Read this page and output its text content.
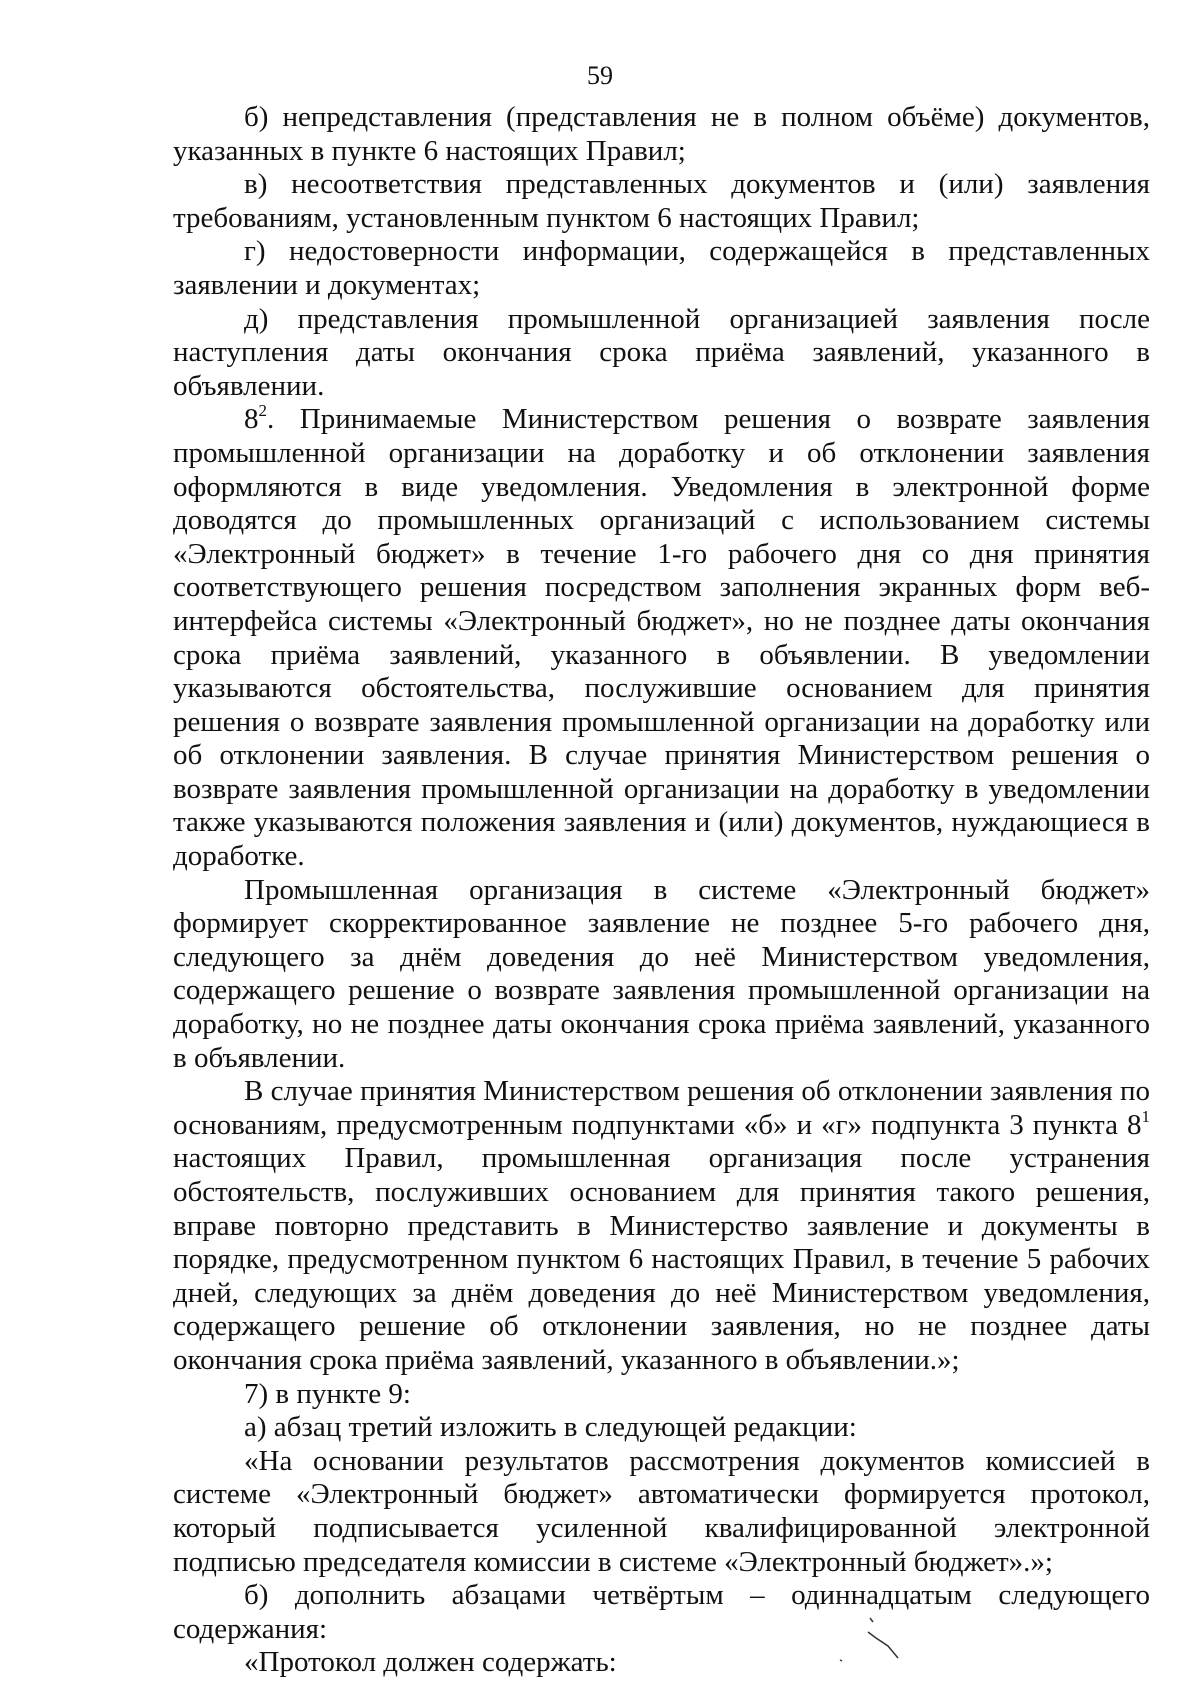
59

б) непредставления (представления не в полном объёме) документов, указанных в пункте 6 настоящих Правил;

в) несоответствия представленных документов и (или) заявления требованиям, установленным пунктом 6 настоящих Правил;

г) недостоверности информации, содержащейся в представленных заявлении и документах;

д) представления промышленной организацией заявления после наступления даты окончания срока приёма заявлений, указанного в объявлении.

$8^2$. Принимаемые Министерством решения о возврате заявления промышленной организации на доработку и об отклонении заявления оформляются в виде уведомления. Уведомления в электронной форме доводятся до промышленных организаций с использованием системы «Электронный бюджет» в течение 1-го рабочего дня со дня принятия соответствующего решения посредством заполнения экранных форм веб-интерфейса системы «Электронный бюджет», но не позднее даты окончания срока приёма заявлений, указанного в объявлении. В уведомлении указываются обстоятельства, послужившие основанием для принятия решения о возврате заявления промышленной организации на доработку или об отклонении заявления. В случае принятия Министерством решения о возврате заявления промышленной организации на доработку в уведомлении также указываются положения заявления и (или) документов, нуждающиеся в доработке.

Промышленная организация в системе «Электронный бюджет» формирует скорректированное заявление не позднее 5-го рабочего дня, следующего за днём доведения до неё Министерством уведомления, содержащего решение о возврате заявления промышленной организации на доработку, но не позднее даты окончания срока приёма заявлений, указанного в объявлении.

В случае принятия Министерством решения об отклонении заявления по основаниям, предусмотренным подпунктами «б» и «г» подпункта 3 пункта $8^1$ настоящих Правил, промышленная организация после устранения обстоятельств, послуживших основанием для принятия такого решения, вправе повторно представить в Министерство заявление и документы в порядке, предусмотренном пунктом 6 настоящих Правил, в течение 5 рабочих дней, следующих за днём доведения до неё Министерством уведомления, содержащего решение об отклонении заявления, но не позднее даты окончания срока приёма заявлений, указанного в объявлении.»;

7) в пункте 9:

а) абзац третий изложить в следующей редакции:

«На основании результатов рассмотрения документов комиссией в системе «Электронный бюджет» автоматически формируется протокол, который подписывается усиленной квалифицированной электронной подписью председателя комиссии в системе «Электронный бюджет».»;

б) дополнить абзацами четвёртым – одиннадцатым следующего содержания:

«Протокол должен содержать:
